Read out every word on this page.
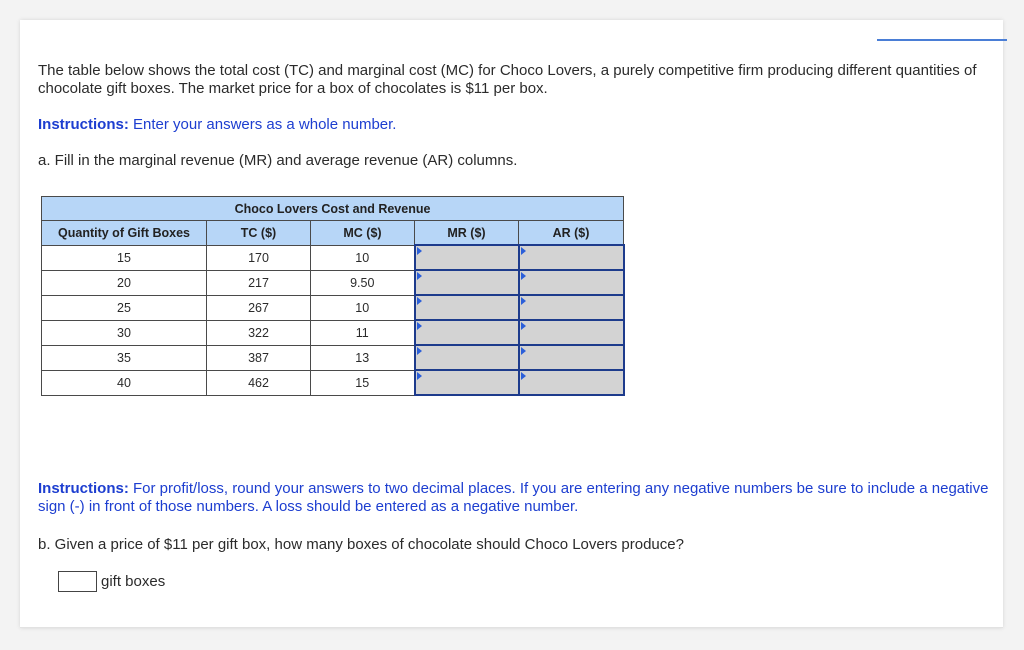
The table below shows the total cost (TC) and marginal cost (MC) for Choco Lovers, a purely competitive firm producing different quantities of chocolate gift boxes. The market price for a box of chocolates is $11 per box.

Instructions: Enter your answers as a whole number.

a. Fill in the marginal revenue (MR) and average revenue (AR) columns.

Choco Lovers Cost and Revenue				
Quantity of Gift Boxes	TC ($)	MC ($)	MR ($)	AR ($)
15	170	10	

20	217	9.50	

25	267	10	

30	322	11	

35	387	13	

40	462	15	

Instructions: For profit/loss, round your answers to two decimal places. If you are entering any negative numbers be sure to include a negative sign (-) in front of those numbers. A loss should be entered as a negative number.

b. Given a price of $11 per gift box, how many boxes of chocolate should Choco Lovers produce?

gift boxes
